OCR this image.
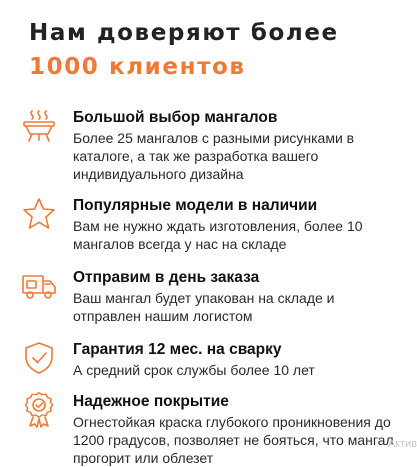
Нам доверяют более
1000 клиентов

Большой выбор мангалов

Более 25 мангалов с разными рисунками в каталоге, а так же разработка вашего индивидуального дизайна

Популярные модели в наличии

Вам не нужно ждать изготовления, более 10 мангалов всегда у нас на складе

Отправим в день заказа

Ваш мангал будет упакован на складе и отправлен нашим логистом

Гарантия 12 мес. на сварку

А средний срок службы более 10 лет

Надежное покрытие

Огнестойкая краска глубокого проникновения до 1200 градусов, позволяет не бояться, что мангал прогорит или облезет

Актив
